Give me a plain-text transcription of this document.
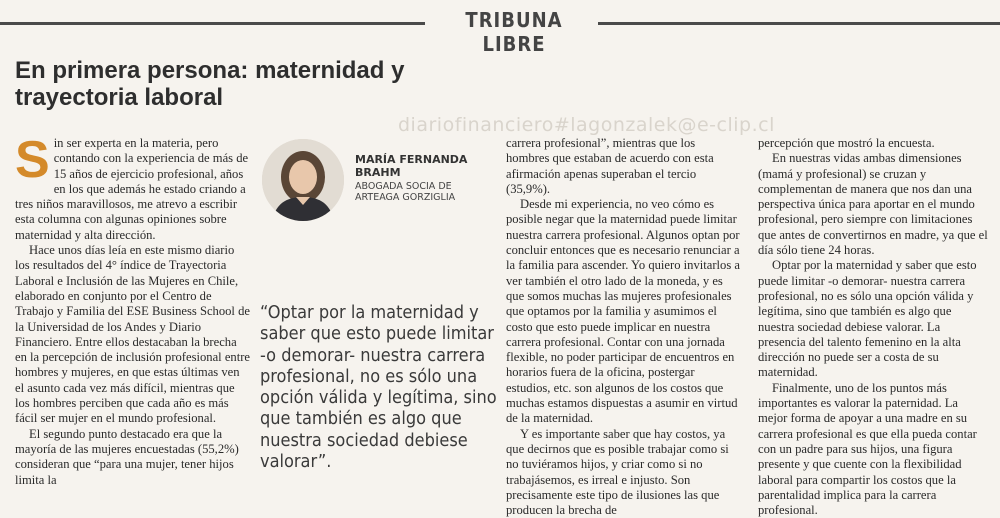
TRIBUNA LIBRE
En primera persona: maternidad y
trayectoria laboral
diariofinanciero#lagonzalek@e-clip.cl

Sin ser experta en la materia, pero contando con la experiencia de más de 15 años de ejercicio profesional, años en los que además he estado criando a tres niños maravillosos, me atrevo a escribir esta columna con algunas opiniones sobre maternidad y alta dirección.

Hace unos días leía en este mismo diario los resultados del 4° índice de Trayectoria Laboral e Inclusión de las Mujeres en Chile, elaborado en conjunto por el Centro de Trabajo y Familia del ESE Business School de la Universidad de los Andes y Diario Financiero. Entre ellos destacaban la brecha en la percepción de inclusión profesional entre hombres y mujeres, en que estas últimas ven el asunto cada vez más difícil, mientras que los hombres perciben que cada año es más fácil ser mujer en el mundo profesional.

El segundo punto destacado era que la mayoría de las mujeres encuestadas (55,2%) consideran que “para una mujer, tener hijos limita la

MARÍA FERNANDA
BRAHM
ABOGADA SOCIA DE
ARTEAGA GORZIGLIA
“Optar por la maternidad y saber que esto puede limitar -o demorar- nuestra carrera profesional, no es sólo una opción válida y legítima, sino que también es algo que nuestra sociedad debiese valorar”.

carrera profesional”, mientras que los hombres que estaban de acuerdo con esta afirmación apenas superaban el tercio (35,9%).

Desde mi experiencia, no veo cómo es posible negar que la maternidad puede limitar nuestra carrera profesional. Algunos optan por concluir entonces que es necesario renunciar a la familia para ascender. Yo quiero invitarlos a ver también el otro lado de la moneda, y es que somos muchas las mujeres profesionales que optamos por la familia y asumimos el costo que esto puede implicar en nuestra carrera profesional. Contar con una jornada flexible, no poder participar de encuentros en horarios fuera de la oficina, postergar estudios, etc. son algunos de los costos que muchas estamos dispuestas a asumir en virtud de la maternidad.

Y es importante saber que hay costos, ya que decirnos que es posible trabajar como si no tuviéramos hijos, y criar como si no trabajásemos, es irreal e injusto. Son precisamente este tipo de ilusiones las que producen la brecha de

percepción que mostró la encuesta.

En nuestras vidas ambas dimensiones (mamá y profesional) se cruzan y complementan de manera que nos dan una perspectiva única para aportar en el mundo profesional, pero siempre con limitaciones que antes de convertirnos en madre, ya que el día sólo tiene 24 horas.

Optar por la maternidad y saber que esto puede limitar -o demorar- nuestra carrera profesional, no es sólo una opción válida y legítima, sino que también es algo que nuestra sociedad debiese valorar. La presencia del talento femenino en la alta dirección no puede ser a costa de su maternidad.

Finalmente, uno de los puntos más importantes es valorar la paternidad. La mejor forma de apoyar a una madre en su carrera profesional es que ella pueda contar con un padre para sus hijos, una figura presente y que cuente con la flexibilidad laboral para compartir los costos que la parentalidad implica para la carrera profesional.
